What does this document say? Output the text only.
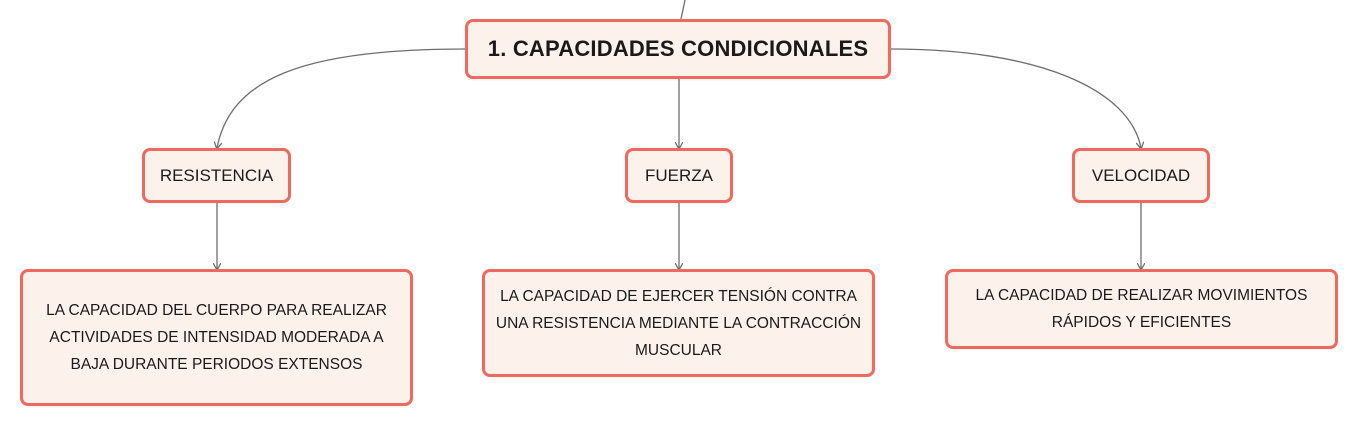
1. CAPACIDADES CONDICIONALES
RESISTENCIA	FUERZA	VELOCIDAD
LA CAPACIDAD DEL CUERPO PARA REALIZAR ACTIVIDADES DE INTENSIDAD MODERADA A BAJA DURANTE PERIODOS EXTENSOS
LA CAPACIDAD DE EJERCER TENSIÓN CONTRA UNA RESISTENCIA MEDIANTE LA CONTRACCIÓN MUSCULAR
LA CAPACIDAD DE REALIZAR MOVIMIENTOS RÁPIDOS Y EFICIENTES
